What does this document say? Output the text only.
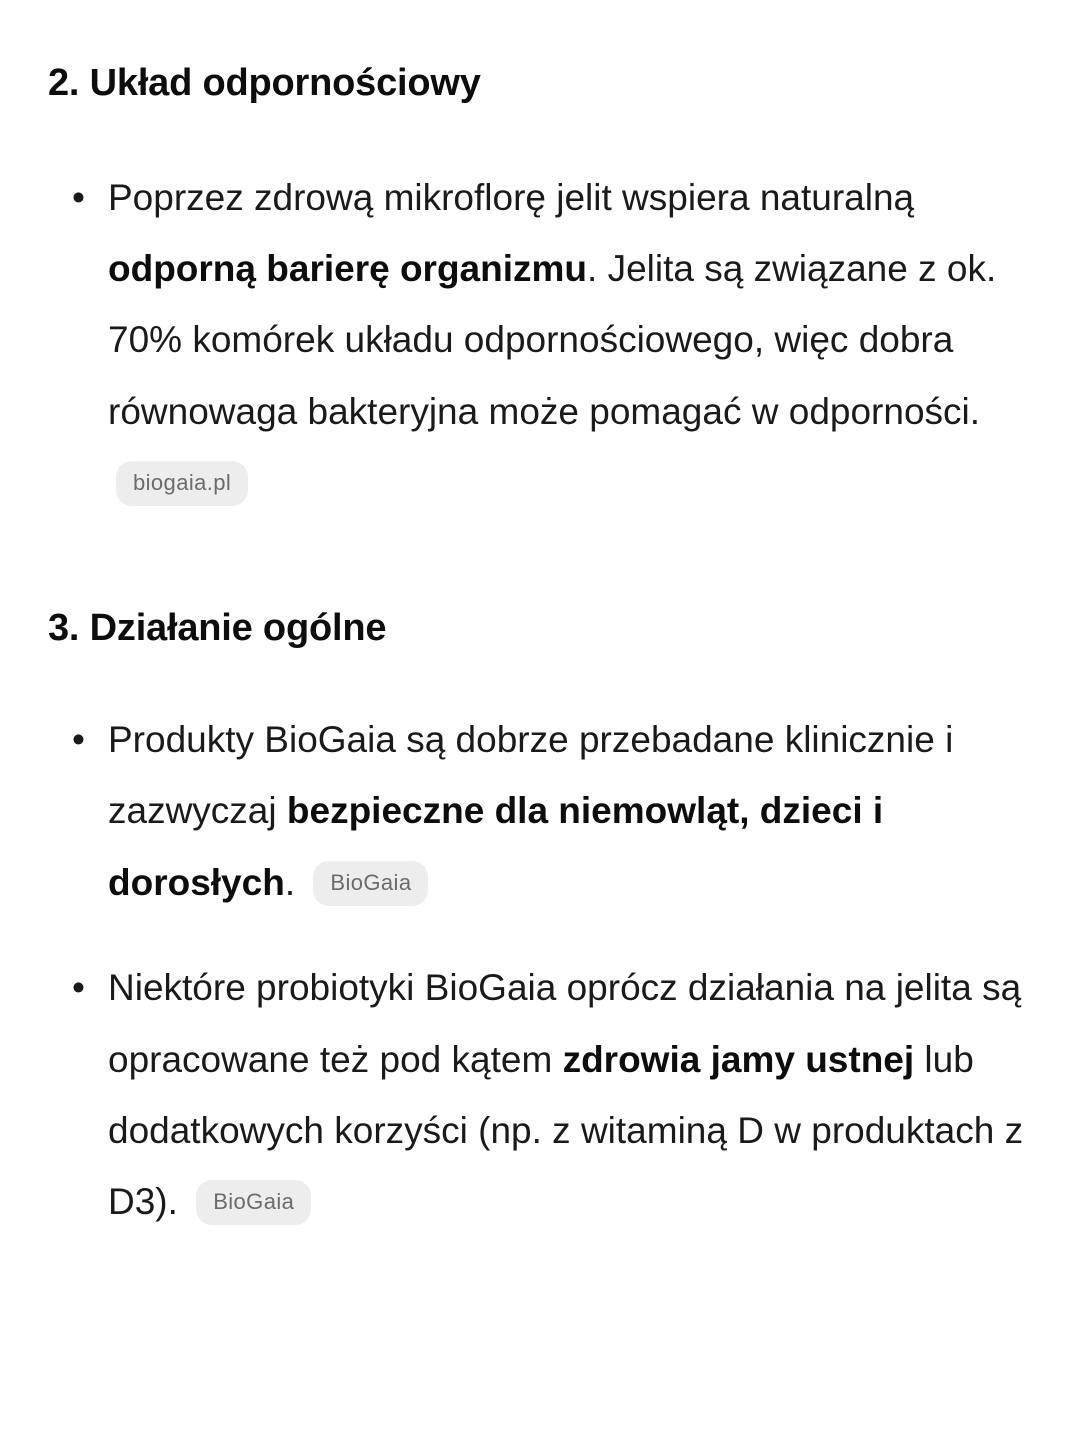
2. Układ odpornościowy
• Poprzez zdrową mikroflorę jelit wspiera naturalną odporną barierę organizmu. Jelita są związane z ok. 70% komórek układu odpornościowego, więc dobra równowaga bakteryjna może pomagać w odporności. biogaia.pl
3. Działanie ogólne
• Produkty BioGaia są dobrze przebadane klinicznie i zazwyczaj bezpieczne dla niemowląt, dzieci i dorosłych. BioGaia
• Niektóre probiotyki BioGaia oprócz działania na jelita są opracowane też pod kątem zdrowia jamy ustnej lub dodatkowych korzyści (np. z witaminą D w produktach z D3). BioGaia
